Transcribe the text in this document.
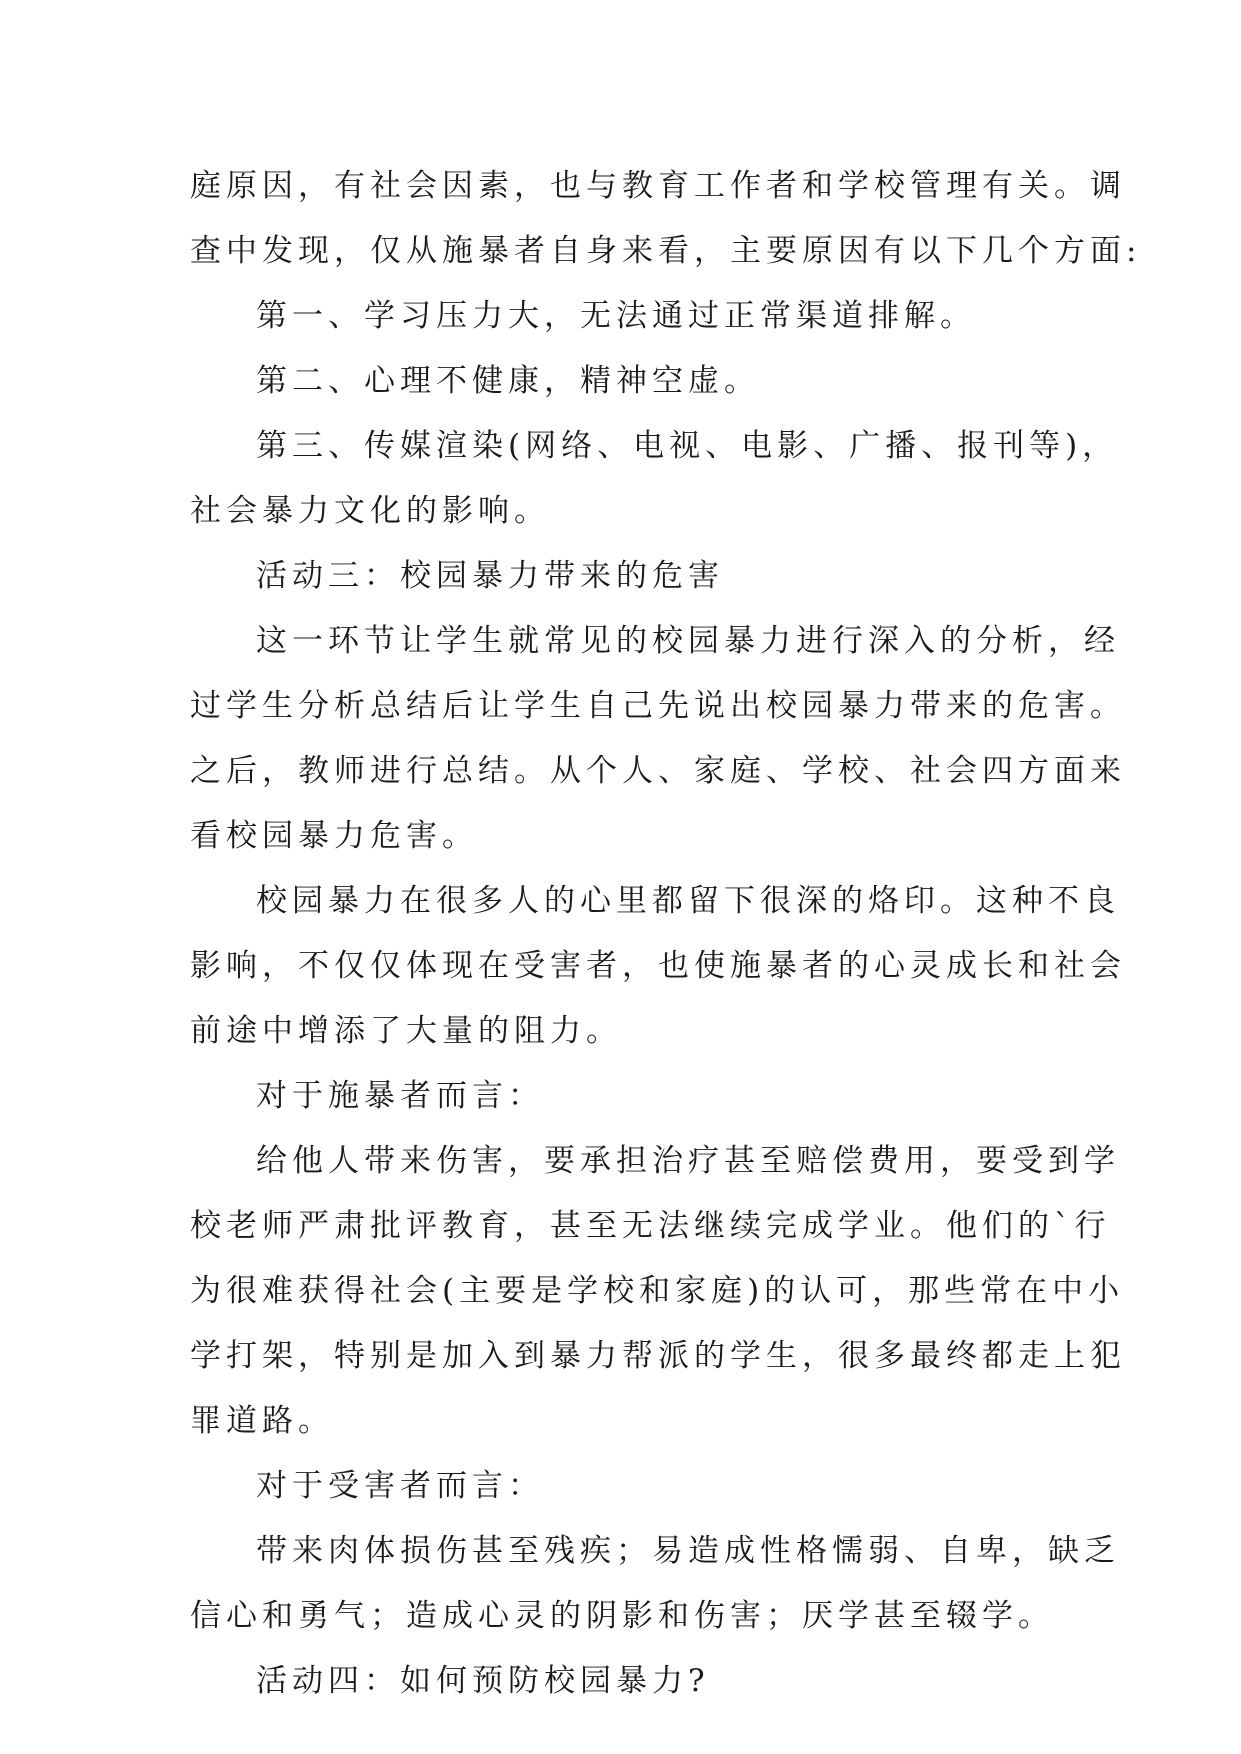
庭原因，有社会因素，也与教育工作者和学校管理有关。调
查中发现，仅从施暴者自身来看，主要原因有以下几个方面:
第一、学习压力大，无法通过正常渠道排解。
第二、心理不健康，精神空虚。
第三、传媒渲染(网络、电视、电影、广播、报刊等)，
社会暴力文化的影响。
活动三：校园暴力带来的危害
这一环节让学生就常见的校园暴力进行深入的分析，经
过学生分析总结后让学生自己先说出校园暴力带来的危害。
之后，教师进行总结。从个人、家庭、学校、社会四方面来
看校园暴力危害。
校园暴力在很多人的心里都留下很深的烙印。这种不良
影响，不仅仅体现在受害者，也使施暴者的心灵成长和社会
前途中增添了大量的阻力。
对于施暴者而言：
给他人带来伤害，要承担治疗甚至赔偿费用，要受到学
校老师严肃批评教育，甚至无法继续完成学业。他们的`行
为很难获得社会(主要是学校和家庭)的认可，那些常在中小
学打架，特别是加入到暴力帮派的学生，很多最终都走上犯
罪道路。
对于受害者而言：
带来肉体损伤甚至残疾；易造成性格懦弱、自卑，缺乏
信心和勇气；造成心灵的阴影和伤害；厌学甚至辍学。
活动四：如何预防校园暴力?
